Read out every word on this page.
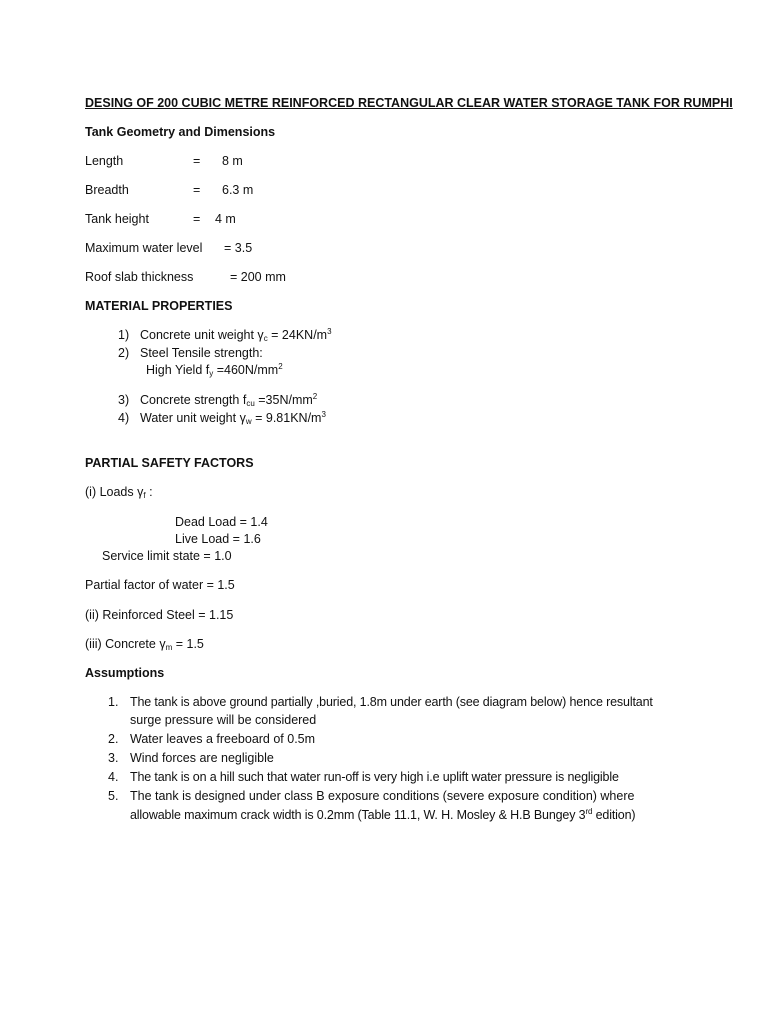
DESING OF 200 CUBIC METRE REINFORCED RECTANGULAR CLEAR WATER STORAGE TANK FOR RUMPHI
Tank Geometry and Dimensions
Length	= 8 m
Breadth	= 6.3 m
Tank height	= 4 m
Maximum water level = 3.5
Roof slab thickness	= 200 mm
MATERIAL PROPERTIES
1) Concrete unit weight $\gamma_c = 24KN/m^3$
2) Steel Tensile strength:
High Yield $f_y =460N/mm^2$
3) Concrete strength $f_{cu} =35N/mm^2$
4) Water unit weight $\gamma_w = 9.81KN/m^3$
PARTIAL SAFETY FACTORS
(i) Loads $\gamma_f$ :
Dead Load = 1.4
Live Load = 1.6
Service limit state = 1.0
Partial factor of water = 1.5
(ii) Reinforced Steel = 1.15
(iii) Concrete $\gamma_m = 1.5$
Assumptions
1. The tank is above ground partially ,buried, 1.8m under earth (see diagram below) hence resultant
surge pressure will be considered
2. Water leaves a freeboard of 0.5m
3. Wind forces are negligible
4. The tank is on a hill such that water run-off is very high i.e uplift water pressure is negligible
5. The tank is designed under class B exposure conditions (severe exposure condition) where
allowable maximum crack width is 0.2mm (Table 11.1, W. H. Mosley & H.B Bungey 3rd edition)
